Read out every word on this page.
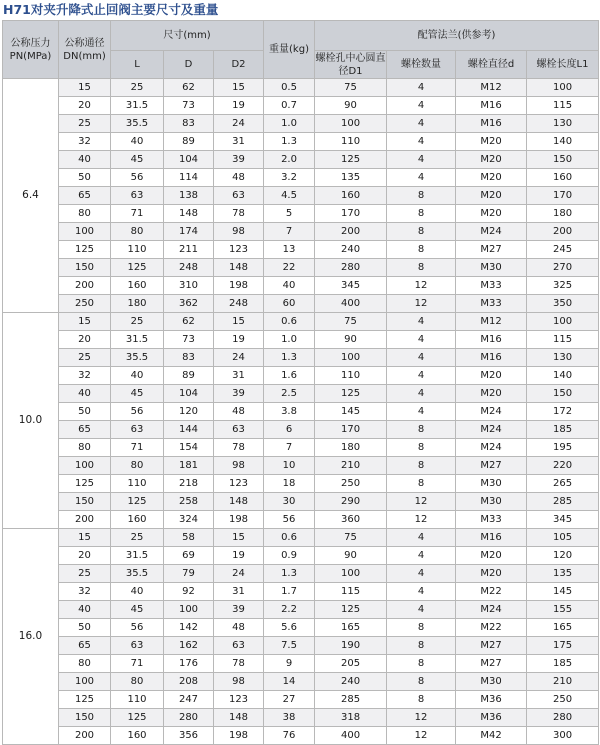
H71对夹升降式止回阀主要尺寸及重量
公称压力 PN(MPa)	公称通径 DN(mm)	尺寸(mm)			重量(kg)	配管法兰(供参考)			
		L	D	D2		螺栓孔中心圆直径D1	螺栓数量	螺栓直径d	螺栓长度L1
6.4	15	25	62	15	0.5	75	4	M12	100
	20	31.5	73	19	0.7	90	4	M16	115
	25	35.5	83	24	1.0	100	4	M16	130
	32	40	89	31	1.3	110	4	M20	140
	40	45	104	39	2.0	125	4	M20	150
	50	56	114	48	3.2	135	4	M20	160
	65	63	138	63	4.5	160	8	M20	170
	80	71	148	78	5	170	8	M20	180
	100	80	174	98	7	200	8	M24	200
	125	110	211	123	13	240	8	M27	245
	150	125	248	148	22	280	8	M30	270
	200	160	310	198	40	345	12	M33	325
	250	180	362	248	60	400	12	M33	350
10.0	15	25	62	15	0.6	75	4	M12	100
	20	31.5	73	19	1.0	90	4	M16	115
	25	35.5	83	24	1.3	100	4	M16	130
	32	40	89	31	1.6	110	4	M20	140
	40	45	104	39	2.5	125	4	M20	150
	50	56	120	48	3.8	145	4	M24	172
	65	63	144	63	6	170	8	M24	185
	80	71	154	78	7	180	8	M24	195
	100	80	181	98	10	210	8	M27	220
	125	110	218	123	18	250	8	M30	265
	150	125	258	148	30	290	12	M30	285
	200	160	324	198	56	360	12	M33	345
16.0	15	25	58	15	0.6	75	4	M16	105
	20	31.5	69	19	0.9	90	4	M20	120
	25	35.5	79	24	1.3	100	4	M20	135
	32	40	92	31	1.7	115	4	M22	145
	40	45	100	39	2.2	125	4	M24	155
	50	56	142	48	5.6	165	8	M22	165
	65	63	162	63	7.5	190	8	M27	175
	80	71	176	78	9	205	8	M27	185
	100	80	208	98	14	240	8	M30	210
	125	110	247	123	27	285	8	M36	250
	150	125	280	148	38	318	12	M36	280
	200	160	356	198	76	400	12	M42	300
